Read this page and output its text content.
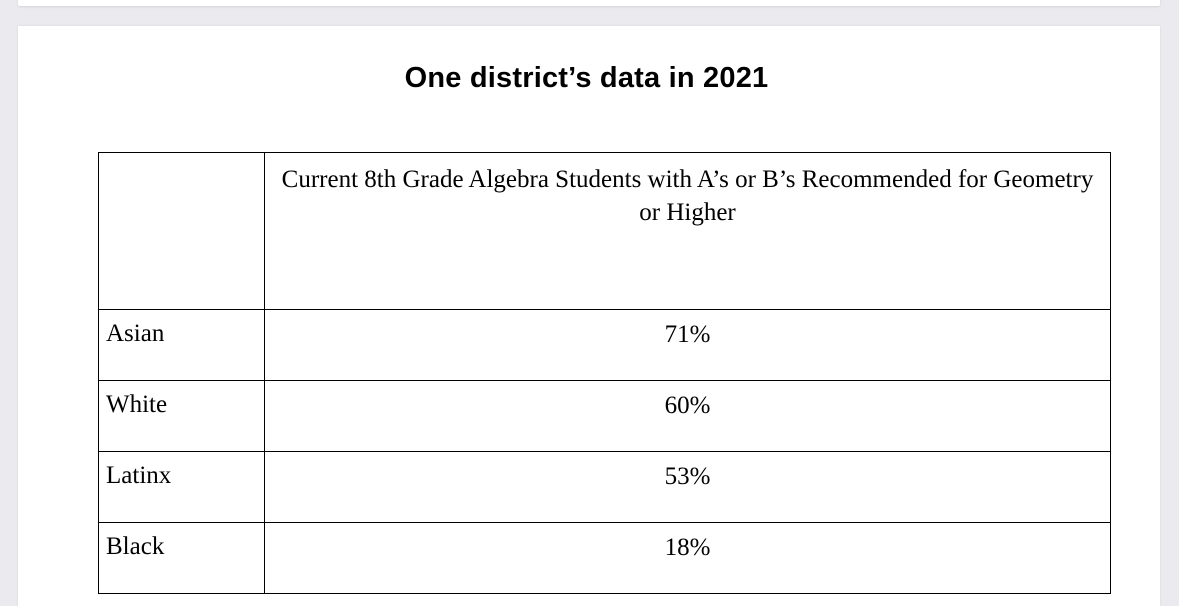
One district’s data in 2021
	Current 8th Grade Algebra Students with A’s or B’s Recommended for Geometry or Higher
Asian	71%
White	60%
Latinx	53%
Black	18%
